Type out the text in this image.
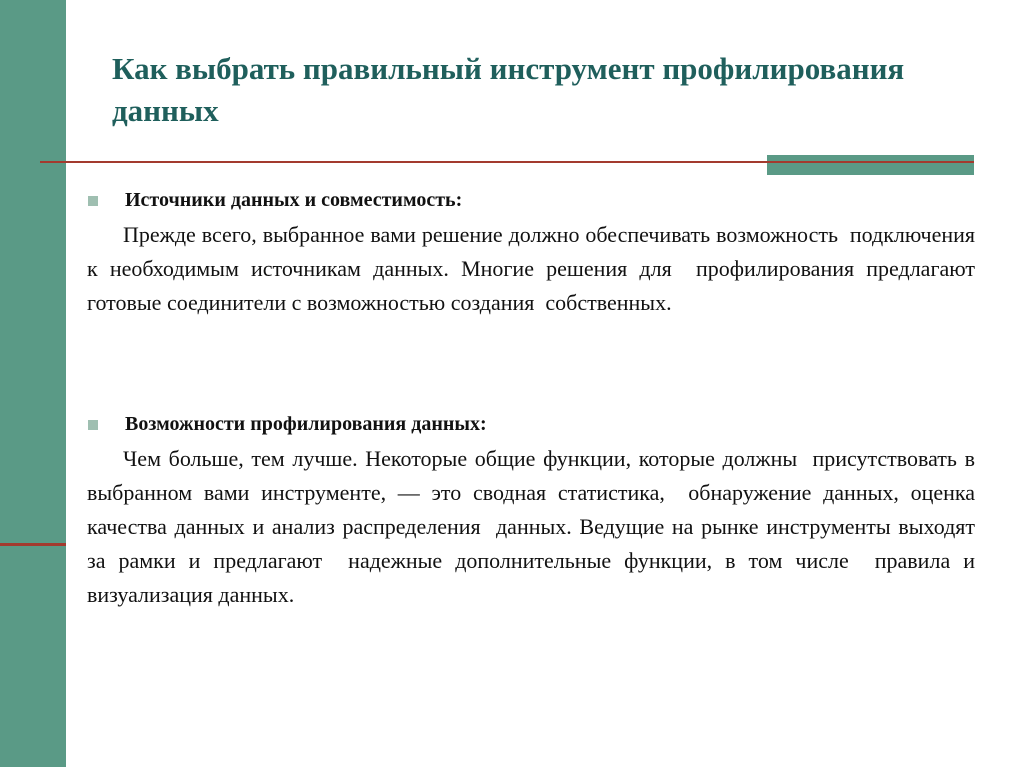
Как выбрать правильный инструмент профилирования данных
Источники данных и совместимость:

Прежде всего, выбранное вами решение должно обеспечивать возможность  подключения к необходимым источникам данных. Многие решения для  профилирования предлагают готовые соединители с возможностью создания  собственных.

Возможности профилирования данных:

Чем больше, тем лучше. Некоторые общие функции, которые должны  присутствовать в выбранном вами инструменте, — это сводная статистика,  обнаружение данных, оценка качества данных и анализ распределения  данных. Ведущие на рынке инструменты выходят за рамки и предлагают  надежные дополнительные функции, в том числе  правила и визуализация данных.
